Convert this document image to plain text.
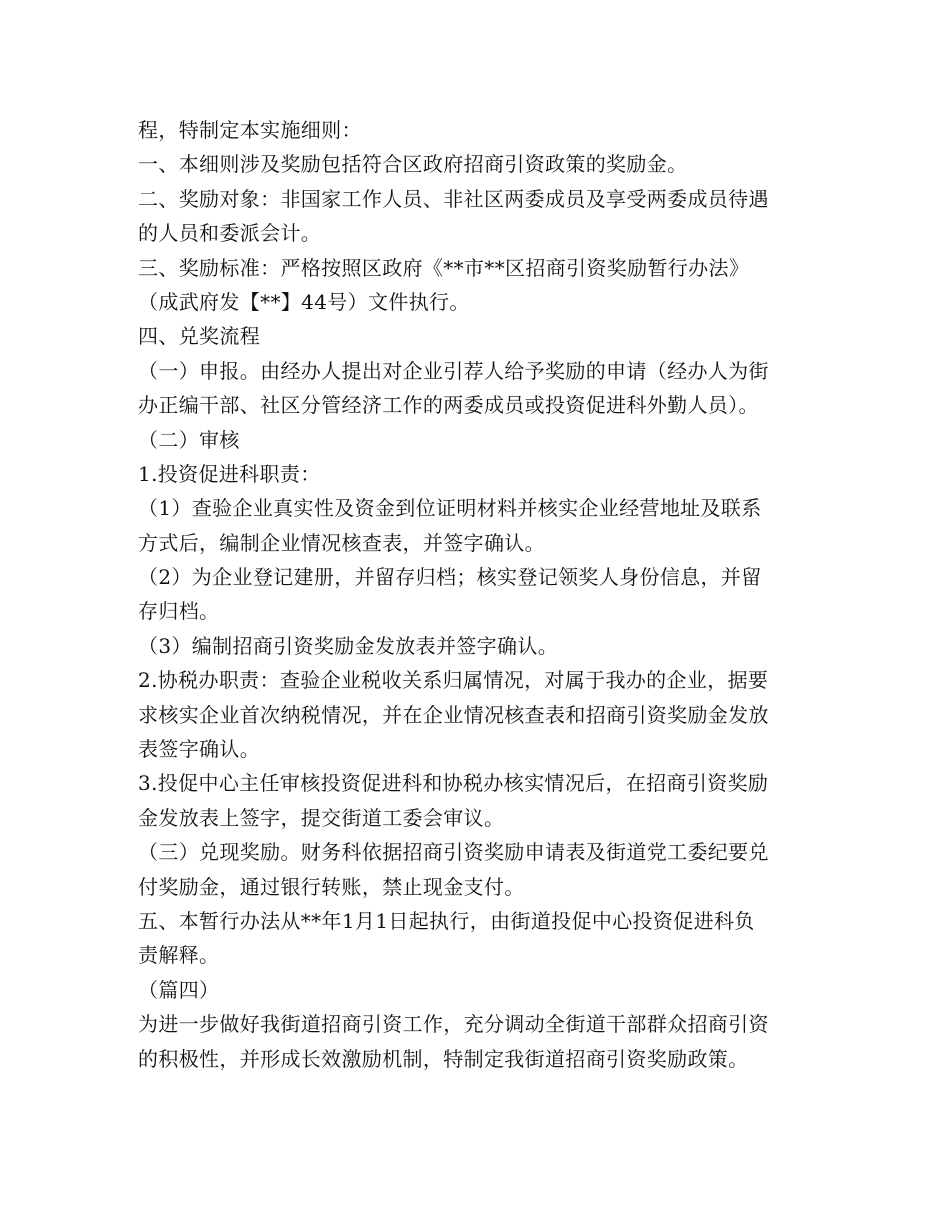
程，特制定本实施细则：
一、本细则涉及奖励包括符合区政府招商引资政策的奖励金。
二、奖励对象：非国家工作人员、非社区两委成员及享受两委成员待遇
的人员和委派会计。
三、奖励标准：严格按照区政府《**市**区招商引资奖励暂行办法》
（成武府发【**】44号）文件执行。
四、兑奖流程
（一）申报。由经办人提出对企业引荐人给予奖励的申请（经办人为街
办正编干部、社区分管经济工作的两委成员或投资促进科外勤人员）。
（二）审核
1.投资促进科职责：
（1）查验企业真实性及资金到位证明材料并核实企业经营地址及联系
方式后，编制企业情况核查表，并签字确认。
（2）为企业登记建册，并留存归档；核实登记领奖人身份信息，并留
存归档。
（3）编制招商引资奖励金发放表并签字确认。
2.协税办职责：查验企业税收关系归属情况，对属于我办的企业，据要
求核实企业首次纳税情况，并在企业情况核查表和招商引资奖励金发放
表签字确认。
3.投促中心主任审核投资促进科和协税办核实情况后，在招商引资奖励
金发放表上签字，提交街道工委会审议。
（三）兑现奖励。财务科依据招商引资奖励申请表及街道党工委纪要兑
付奖励金，通过银行转账，禁止现金支付。
五、本暂行办法从**年1月1日起执行，由街道投促中心投资促进科负
责解释。
（篇四）
为进一步做好我街道招商引资工作，充分调动全街道干部群众招商引资
的积极性，并形成长效激励机制，特制定我街道招商引资奖励政策。
